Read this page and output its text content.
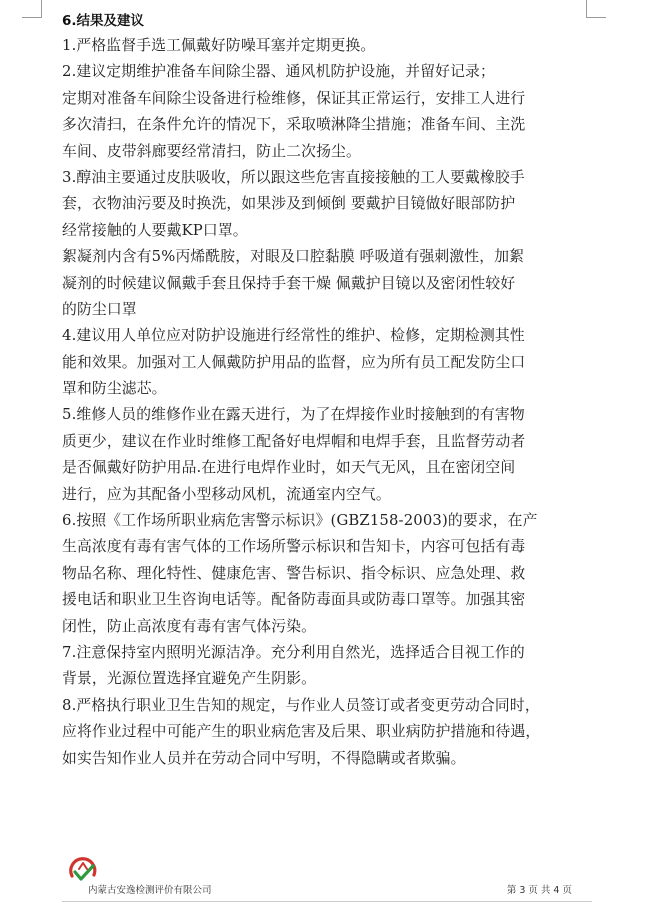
6.结果及建议
1.严格监督手选工佩戴好防噪耳塞并定期更换。
2.建议定期维护准备车间除尘器、通风机防护设施，并留好记录；
定期对准备车间除尘设备进行检维修，保证其正常运行，安排工人进行
多次清扫，在条件允许的情况下，采取喷淋降尘措施；准备车间、主洗
车间、皮带斜廊要经常清扫，防止二次扬尘。
3.醇油主要通过皮肤吸收，所以跟这些危害直接接触的工人要戴橡胶手
套，衣物油污要及时换洗，如果涉及到倾倒 要戴护目镜做好眼部防护
经常接触的人要戴KP口罩。
絮凝剂内含有5%丙烯酰胺，对眼及口腔黏膜 呼吸道有强刺激性，加絮
凝剂的时候建议佩戴手套且保持手套干燥 佩戴护目镜以及密闭性较好
的防尘口罩
4.建议用人单位应对防护设施进行经常性的维护、检修，定期检测其性
能和效果。加强对工人佩戴防护用品的监督，应为所有员工配发防尘口
罩和防尘滤芯。
5.维修人员的维修作业在露天进行，为了在焊接作业时接触到的有害物
质更少，建议在作业时维修工配备好电焊帽和电焊手套，且监督劳动者
是否佩戴好防护用品.在进行电焊作业时，如天气无风，且在密闭空间
进行，应为其配备小型移动风机，流通室内空气。
6.按照《工作场所职业病危害警示标识》(GBZ158-2003)的要求，在产
生高浓度有毒有害气体的工作场所警示标识和告知卡，内容可包括有毒
物品名称、理化特性、健康危害、警告标识、指令标识、应急处理、救
援电话和职业卫生咨询电话等。配备防毒面具或防毒口罩等。加强其密
闭性，防止高浓度有毒有害气体污染。
7.注意保持室内照明光源洁净。充分利用自然光，选择适合目视工作的
背景，光源位置选择宜避免产生阴影。
8.严格执行职业卫生告知的规定，与作业人员签订或者变更劳动合同时，
应将作业过程中可能产生的职业病危害及后果、职业病防护措施和待遇，
如实告知作业人员并在劳动合同中写明，不得隐瞒或者欺骗。
内蒙古安逸检测评价有限公司	第 3 页 共 4 页
